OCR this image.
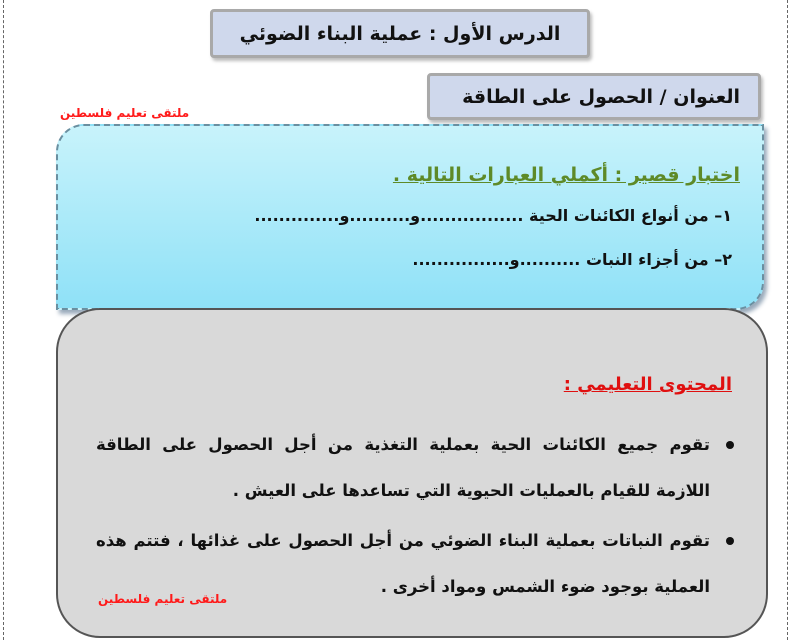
الدرس الأول : عملية البناء الضوئي
العنوان / الحصول على الطاقة
ملتقى تعليم فلسطين
اختبار قصير : أكملي العبارات التالية .
١– من أنواع الكائنات الحية .................و..........و..............
٢– من أجزاء النبات ..........و................
المحتوى التعليمي :
تقوم جميع الكائنات الحية بعملية التغذية من أجل الحصول على الطاقة اللازمة للقيام بالعمليات الحيوية التي تساعدها على العيش .
تقوم النباتات بعملية البناء الضوئي من أجل الحصول على غذائها ، فتتم هذه العملية بوجود ضوء الشمس ومواد أخرى .
ملتقى تعليم فلسطين
